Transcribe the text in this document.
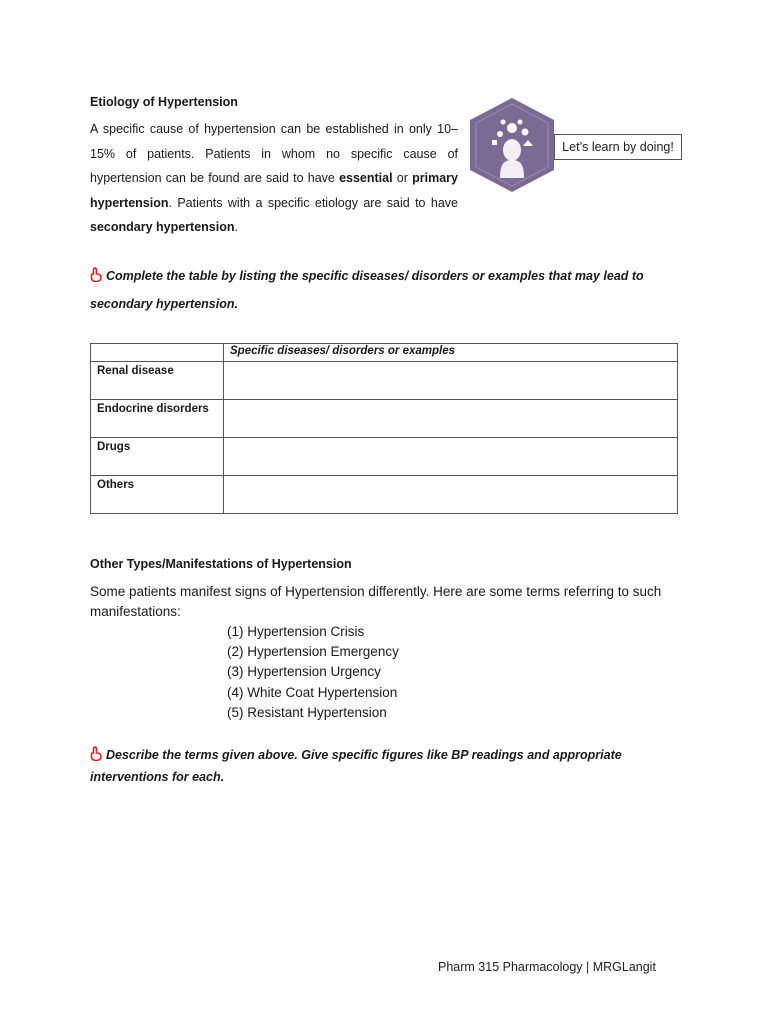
Etiology of Hypertension
A specific cause of hypertension can be established in only 10–15% of patients. Patients in whom no specific cause of hypertension can be found are said to have essential or primary hypertension. Patients with a specific etiology are said to have secondary hypertension.
Let’s learn by doing!
Complete the table by listing the specific diseases/ disorders or examples that may lead to secondary hypertension.
	Specific diseases/ disorders or examples
Renal disease	
Endocrine disorders	
Drugs	
Others	
Other Types/Manifestations of Hypertension
Some patients manifest signs of Hypertension differently. Here are some terms referring to such manifestations:
(1) Hypertension Crisis
(2) Hypertension Emergency
(3) Hypertension Urgency
(4) White Coat Hypertension
(5) Resistant Hypertension
Describe the terms given above. Give specific figures like BP readings and appropriate interventions for each.
Pharm 315 Pharmacology | MRGLangit
